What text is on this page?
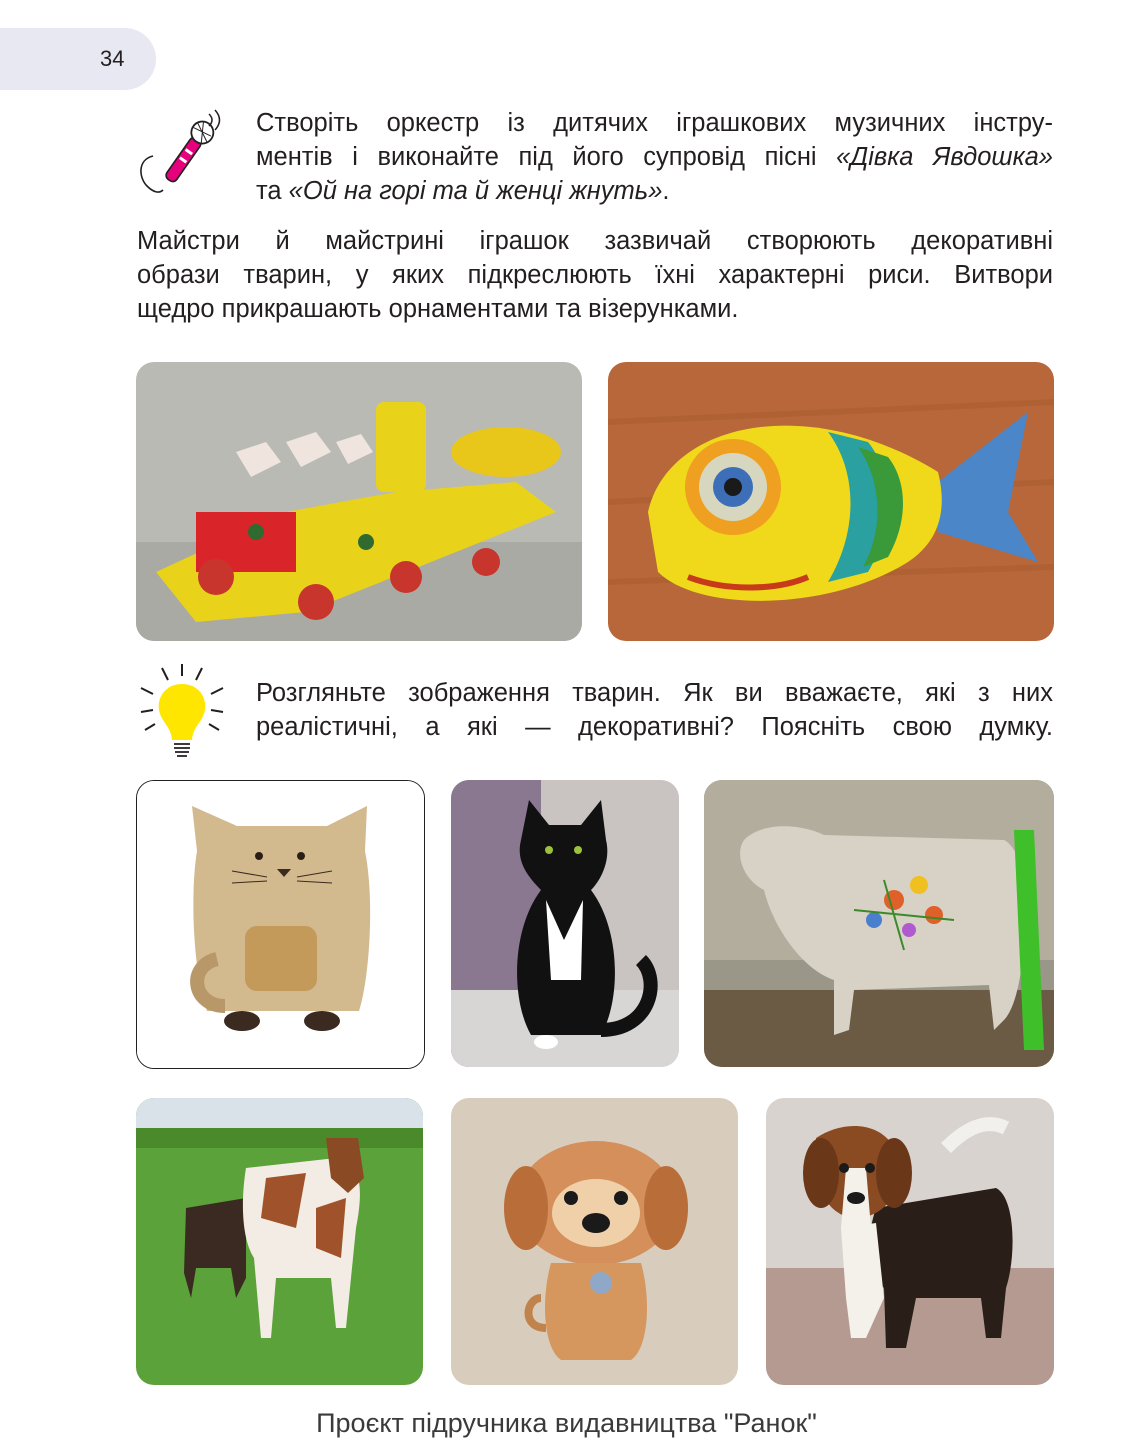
34
Створіть оркестр із дитячих іграшкових музичних інстру-
ментів і виконайте під його супровід пісні «Дівка Явдошка»
та «Ой на горі та й женці жнуть».
Майстри й майстрині іграшок зазвичай створюють декоративні
образи тварин, у яких підкреслюють їхні характерні риси. Витвори
щедро прикрашають орнаментами та візерунками.
Розгляньте зображення тварин. Як ви вважаєте, які з них
реалістичні, а які — декоративні? Поясніть свою думку.
Проєкт підручника видавництва "Ранок"
